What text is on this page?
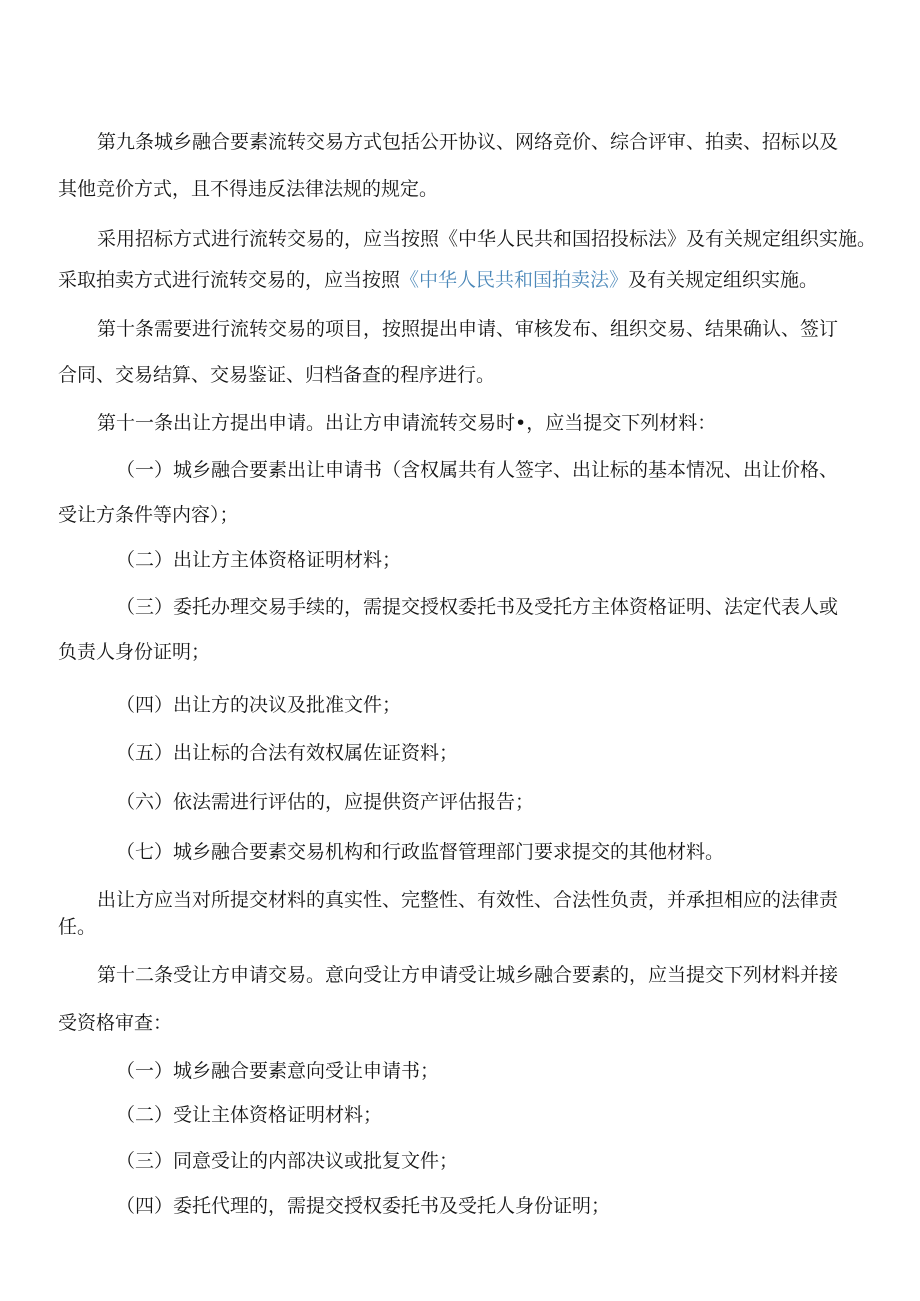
第九条城乡融合要素流转交易方式包括公开协议、网络竞价、综合评审、拍卖、招标以及
其他竞价方式，且不得违反法律法规的规定。
采用招标方式进行流转交易的，应当按照《中华人民共和国招投标法》及有关规定组织实施。
采取拍卖方式进行流转交易的，应当按照《中华人民共和国拍卖法》及有关规定组织实施。
第十条需要进行流转交易的项目，按照提出申请、审核发布、组织交易、结果确认、签订
合同、交易结算、交易鉴证、归档备查的程序进行。
第十一条出让方提出申请。出让方申请流转交易时•，应当提交下列材料：
（一）城乡融合要素出让申请书（含权属共有人签字、出让标的基本情况、出让价格、
受让方条件等内容）；
（二）出让方主体资格证明材料；
（三）委托办理交易手续的，需提交授权委托书及受托方主体资格证明、法定代表人或
负责人身份证明；
（四）出让方的决议及批准文件；
（五）出让标的合法有效权属佐证资料；
（六）依法需进行评估的，应提供资产评估报告；
（七）城乡融合要素交易机构和行政监督管理部门要求提交的其他材料。
出让方应当对所提交材料的真实性、完整性、有效性、合法性负责，并承担相应的法律责
任。
第十二条受让方申请交易。意向受让方申请受让城乡融合要素的，应当提交下列材料并接
受资格审查：
（一）城乡融合要素意向受让申请书；
（二）受让主体资格证明材料；
（三）同意受让的内部决议或批复文件；
（四）委托代理的，需提交授权委托书及受托人身份证明；
